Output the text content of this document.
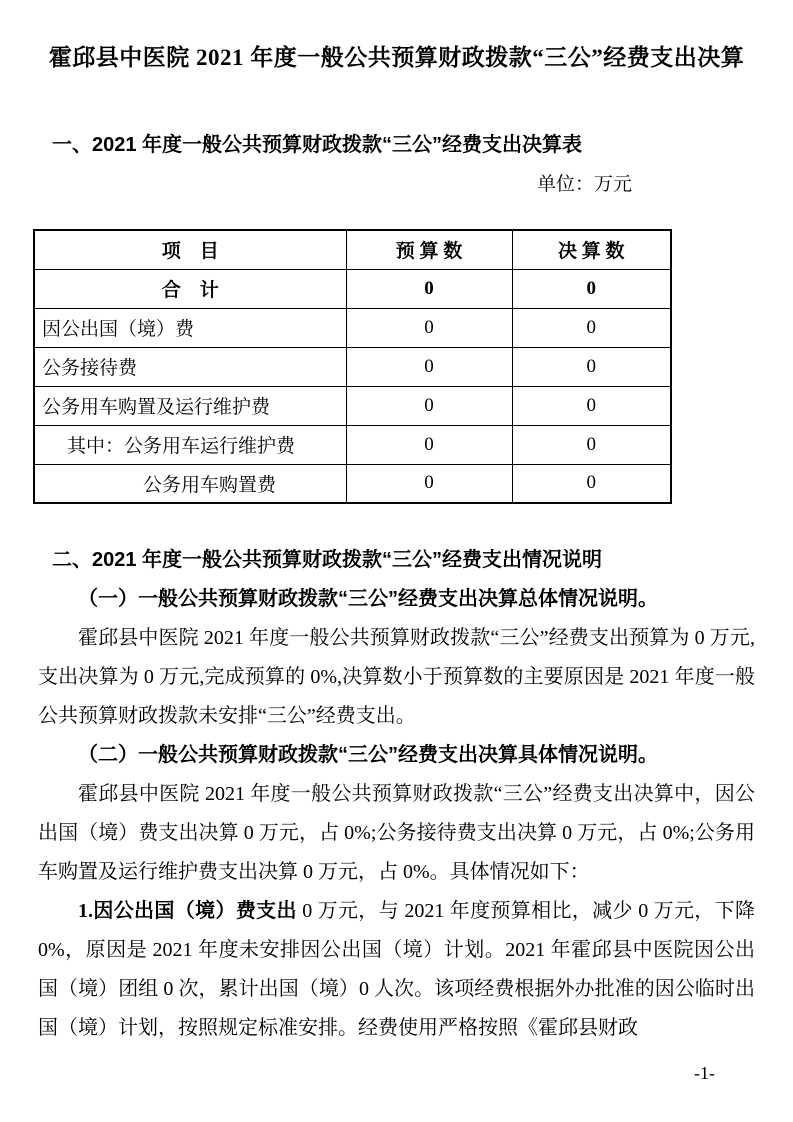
霍邱县中医院 2021 年度一般公共预算财政拨款“三公”经费支出决算
一、2021 年度一般公共预算财政拨款“三公”经费支出决算表
单位：万元
项　目	预 算 数	决 算 数
合　计	0	0
因公出国（境）费	0	0
公务接待费	0	0
公务用车购置及运行维护费	0	0
其中：公务用车运行维护费	0	0
公务用车购置费	0	0
二、2021 年度一般公共预算财政拨款“三公”经费支出情况说明
（一）一般公共预算财政拨款“三公”经费支出决算总体情况说明。
霍邱县中医院 2021 年度一般公共预算财政拨款“三公”经费支出预算为 0 万元,支出决算为 0 万元,完成预算的 0%,决算数小于预算数的主要原因是 2021 年度一般公共预算财政拨款未安排“三公”经费支出。
（二）一般公共预算财政拨款“三公”经费支出决算具体情况说明。
霍邱县中医院 2021 年度一般公共预算财政拨款“三公”经费支出决算中，因公出国（境）费支出决算 0 万元，占 0%;公务接待费支出决算 0 万元，占 0%;公务用车购置及运行维护费支出决算 0 万元，占 0%。具体情况如下：
1.因公出国（境）费支出 0 万元，与 2021 年度预算相比，减少 0 万元，下降 0%，原因是 2021 年度未安排因公出国（境）计划。2021 年霍邱县中医院因公出国（境）团组 0 次，累计出国（境）0 人次。该项经费根据外办批准的因公临时出国（境）计划，按照规定标准安排。经费使用严格按照《霍邱县财政
-1-
